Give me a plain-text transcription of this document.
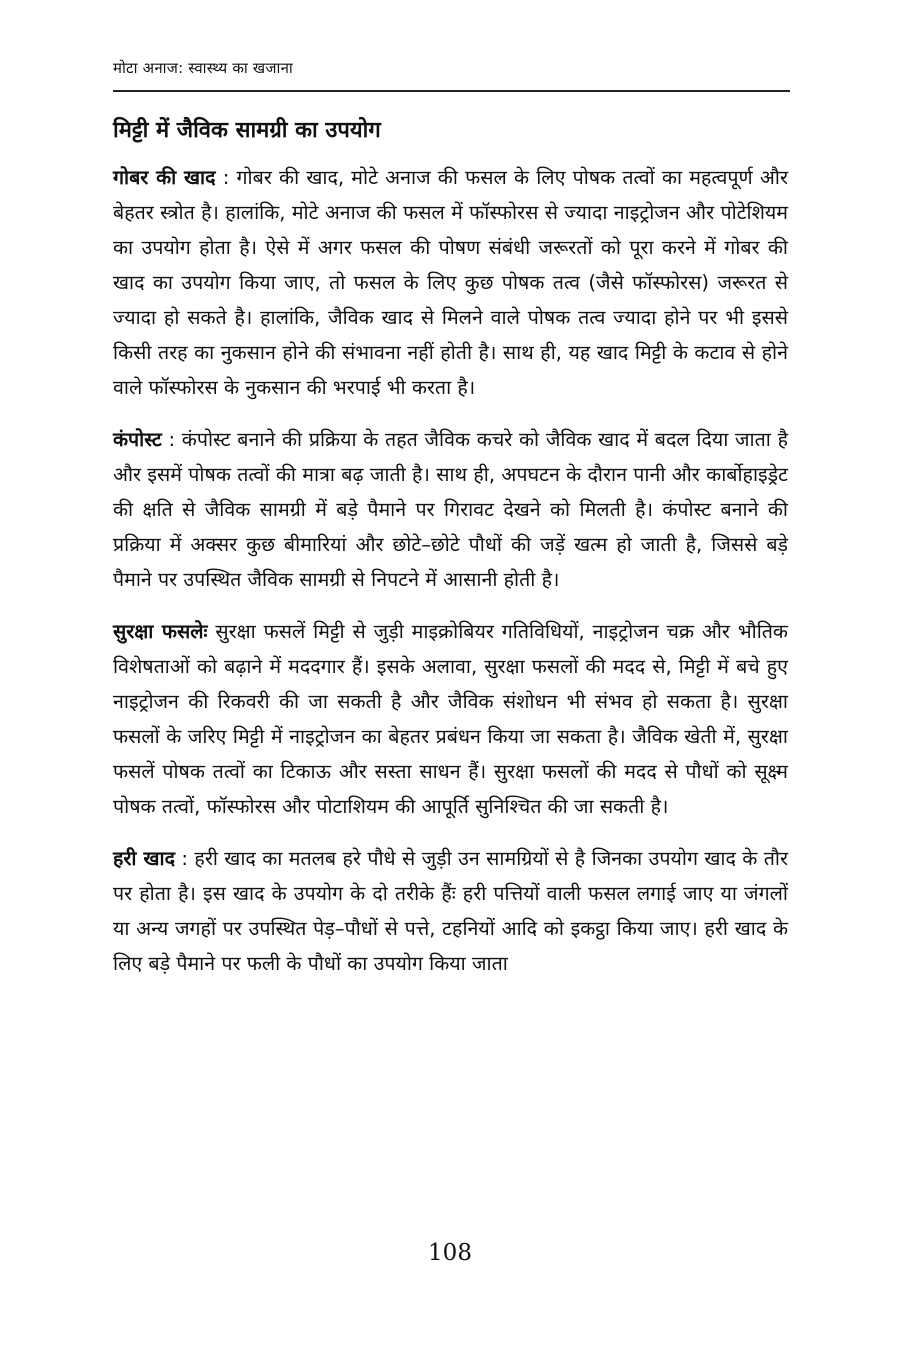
मोटा अनाज: स्वास्थ्य का खजाना
मिट्टी में जैविक सामग्री का उपयोग

गोबर की खाद : गोबर की खाद, मोटे अनाज की फसल के लिए पोषक तत्वों का महत्वपूर्ण और बेहतर स्त्रोत है। हालांकि, मोटे अनाज की फसल में फॉस्फोरस से ज्यादा नाइट्रोजन और पोटेशियम का उपयोग होता है। ऐसे में अगर फसल की पोषण संबंधी जरूरतों को पूरा करने में गोबर की खाद का उपयोग किया जाए, तो फसल के लिए कुछ पोषक तत्व (जैसे फॉस्फोरस) जरूरत से ज्यादा हो सकते है। हालांकि, जैविक खाद से मिलने वाले पोषक तत्व ज्यादा होने पर भी इससे किसी तरह का नुकसान होने की संभावना नहीं होती है। साथ ही, यह खाद मिट्टी के कटाव से होने वाले फॉस्फोरस के नुकसान की भरपाई भी करता है।

कंपोस्ट : कंपोस्ट बनाने की प्रक्रिया के तहत जैविक कचरे को जैविक खाद में बदल दिया जाता है और इसमें पोषक तत्वों की मात्रा बढ़ जाती है। साथ ही, अपघटन के दौरान पानी और कार्बोहाइड्रेट की क्षति से जैविक सामग्री में बड़े पैमाने पर गिरावट देखने को मिलती है। कंपोस्ट बनाने की प्रक्रिया में अक्सर कुछ बीमारियां और छोटे–छोटे पौधों की जड़ें खत्म हो जाती है, जिससे बड़े पैमाने पर उपस्थित जैविक सामग्री से निपटने में आसानी होती है।

सुरक्षा फसलेः सुरक्षा फसलें मिट्टी से जुड़ी माइक्रोबियर गतिविधियों, नाइट्रोजन चक्र और भौतिक विशेषताओं को बढ़ाने में मददगार हैं। इसके अलावा, सुरक्षा फसलों की मदद से, मिट्टी में बचे हुए नाइट्रोजन की रिकवरी की जा सकती है और जैविक संशोधन भी संभव हो सकता है। सुरक्षा फसलों के जरिए मिट्टी में नाइट्रोजन का बेहतर प्रबंधन किया जा सकता है। जैविक खेती में, सुरक्षा फसलें पोषक तत्वों का टिकाऊ और सस्ता साधन हैं। सुरक्षा फसलों की मदद से पौधों को सूक्ष्म पोषक तत्वों, फॉस्फोरस और पोटाशियम की आपूर्ति सुनिश्चित की जा सकती है।

हरी खाद : हरी खाद का मतलब हरे पौधे से जुड़ी उन सामग्रियों से है जिनका उपयोग खाद के तौर पर होता है। इस खाद के उपयोग के दो तरीके हैंः हरी पत्तियों वाली फसल लगाई जाए या जंगलों या अन्य जगहों पर उपस्थित पेड़–पौधों से पत्ते, टहनियों आदि को इकट्ठा किया जाए। हरी खाद के लिए बड़े पैमाने पर फली के पौधों का उपयोग किया जाता

108
